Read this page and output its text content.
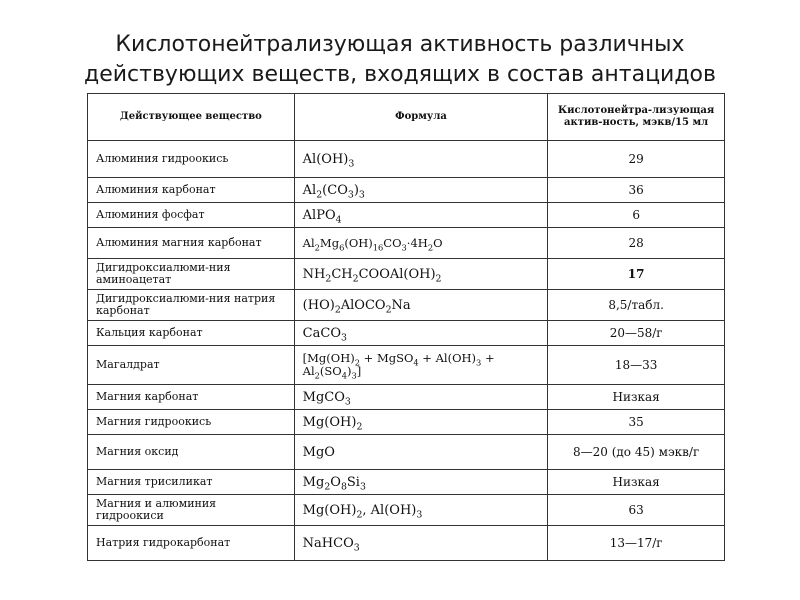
Кислотонейтрализующая активность различных
действующих веществ, входящих в состав антацидов
Действующее вещество	Формула	Кислотонейтра-лизующая актив-ность, мэкв/15 мл
Алюминия гидроокись	$Al(OH)_3$	29
Алюминия карбонат	$Al_2(CO_3)_3$	36
Алюминия фосфат	AlPO$_4$	6
Алюминия магния карбонат	$Al_2Mg_6(OH)_{16}CO_3\cdot 4H_2O$	28
Дигидроксиалюми-ния аминоацетат	$NH_2CH_2COOAl(OH)_2$	17
Дигидроксиалюми-ния натрия карбонат	$(HO)_2AlOCO_2Na$	8,5/табл.
Кальция карбонат	CaCO$_3$	20—58/г
Магалдрат	[$Mg(OH)_2$ + MgSO$_4$ + $Al(OH)_3 + Al_2(SO_4)_3$]	18—33
Магния карбонат	MgCO$_3$	Низкая
Магния гидроокись	$Mg(OH)_2$	35
Магния оксид	MgO	8—20 (до 45) мэкв/г
Магния трисиликат	$Mg_2O_8Si_3$	Низкая
Магния и алюминия гидроокиси	$Mg(OH)_2$, $Al(OH)_3$	63
Натрия гидрокарбонат	NaHCO$_3$	13—17/г
